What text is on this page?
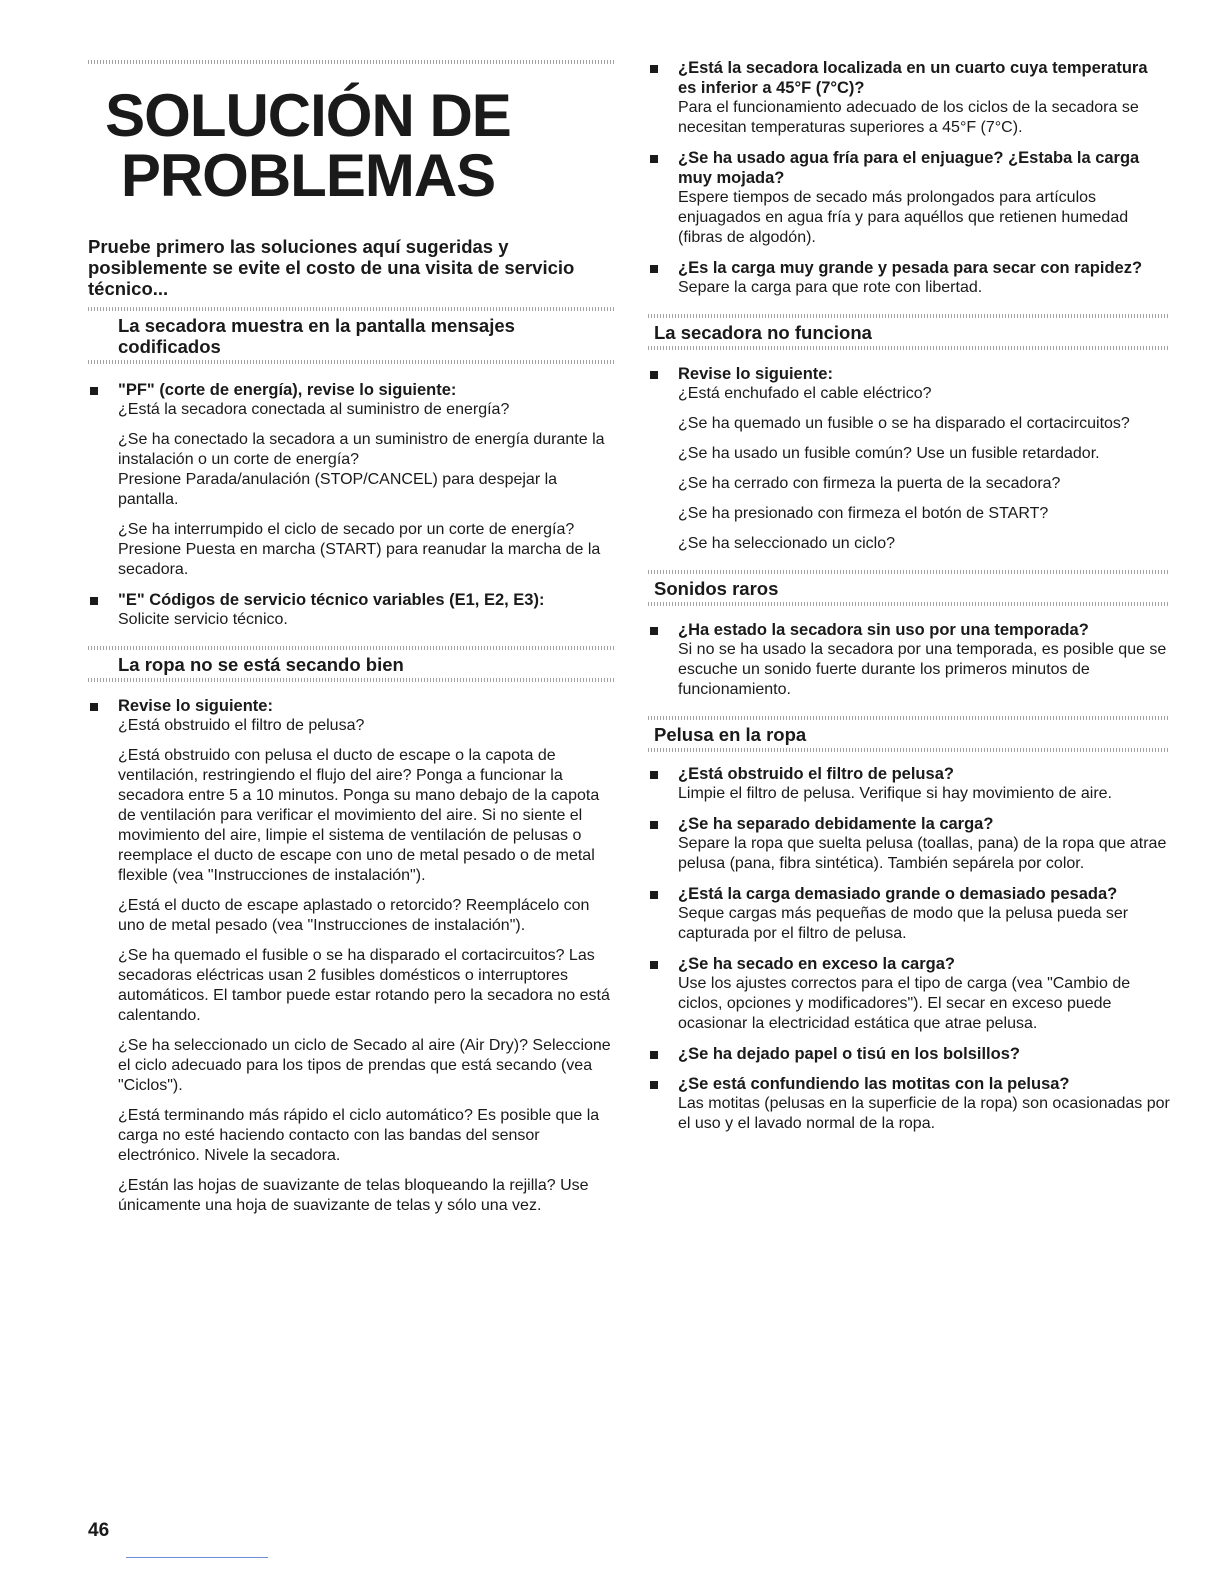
SOLUCIÓN DE
PROBLEMAS

Pruebe primero las soluciones aquí sugeridas y posiblemente se evite el costo de una visita de servicio técnico...

La secadora muestra en la pantalla mensajes codificados
"PF" (corte de energía), revise lo siguiente:

¿Está la secadora conectada al suministro de energía?

¿Se ha conectado la secadora a un suministro de energía durante la instalación o un corte de energía?

Presione Parada/anulación (STOP/CANCEL) para despejar la pantalla.

¿Se ha interrumpido el ciclo de secado por un corte de energía?

Presione Puesta en marcha (START) para reanudar la marcha de la secadora.

"E" Códigos de servicio técnico variables (E1, E2, E3):

Solicite servicio técnico.

La ropa no se está secando bien
Revise lo siguiente:

¿Está obstruido el filtro de pelusa?

¿Está obstruido con pelusa el ducto de escape o la capota de ventilación, restringiendo el flujo del aire? Ponga a funcionar la secadora entre 5 a 10 minutos. Ponga su mano debajo de la capota de ventilación para verificar el movimiento del aire. Si no siente el movimiento del aire, limpie el sistema de ventilación de pelusas o reemplace el ducto de escape con uno de metal pesado o de metal flexible (vea "Instrucciones de instalación").

¿Está el ducto de escape aplastado o retorcido? Reemplácelo con uno de metal pesado (vea "Instrucciones de instalación").

¿Se ha quemado el fusible o se ha disparado el cortacircuitos? Las secadoras eléctricas usan 2 fusibles domésticos o interruptores automáticos. El tambor puede estar rotando pero la secadora no está calentando.

¿Se ha seleccionado un ciclo de Secado al aire (Air Dry)? Seleccione el ciclo adecuado para los tipos de prendas que está secando (vea "Ciclos").

¿Está terminando más rápido el ciclo automático? Es posible que la carga no esté haciendo contacto con las bandas del sensor electrónico. Nivele la secadora.

¿Están las hojas de suavizante de telas bloqueando la rejilla? Use únicamente una hoja de suavizante de telas y sólo una vez.

¿Está la secadora localizada en un cuarto cuya temperatura es inferior a 45°F (7°C)?

Para el funcionamiento adecuado de los ciclos de la secadora se necesitan temperaturas superiores a 45°F (7°C).

¿Se ha usado agua fría para el enjuague? ¿Estaba la carga muy mojada?

Espere tiempos de secado más prolongados para artículos enjuagados en agua fría y para aquéllos que retienen humedad (fibras de algodón).

¿Es la carga muy grande y pesada para secar con rapidez?

Separe la carga para que rote con libertad.

La secadora no funciona
Revise lo siguiente:

¿Está enchufado el cable eléctrico?

¿Se ha quemado un fusible o se ha disparado el cortacircuitos?

¿Se ha usado un fusible común? Use un fusible retardador.

¿Se ha cerrado con firmeza la puerta de la secadora?

¿Se ha presionado con firmeza el botón de START?

¿Se ha seleccionado un ciclo?

Sonidos raros
¿Ha estado la secadora sin uso por una temporada?

Si no se ha usado la secadora por una temporada, es posible que se escuche un sonido fuerte durante los primeros minutos de funcionamiento.

Pelusa en la ropa
¿Está obstruido el filtro de pelusa?

Limpie el filtro de pelusa. Verifique si hay movimiento de aire.

¿Se ha separado debidamente la carga?

Separe la ropa que suelta pelusa (toallas, pana) de la ropa que atrae pelusa (pana, fibra sintética). También sepárela por color.

¿Está la carga demasiado grande o demasiado pesada?

Seque cargas más pequeñas de modo que la pelusa pueda ser capturada por el filtro de pelusa.

¿Se ha secado en exceso la carga?

Use los ajustes correctos para el tipo de carga (vea "Cambio de ciclos, opciones y modificadores"). El secar en exceso puede ocasionar la electricidad estática que atrae pelusa.

¿Se ha dejado papel o tisú en los bolsillos?
¿Se está confundiendo las motitas con la pelusa?

Las motitas (pelusas en la superficie de la ropa) son ocasionadas por el uso y el lavado normal de la ropa.

46
